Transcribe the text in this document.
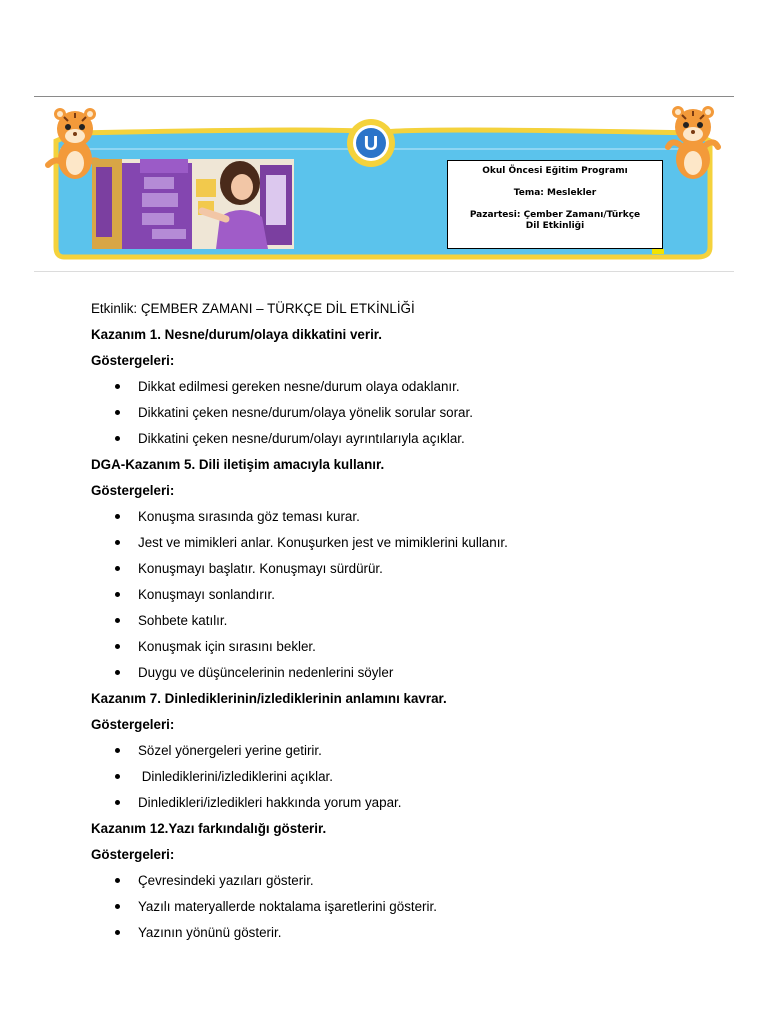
U
Okul Öncesi Eğitim Programı
Tema: Meslekler
Pazartesi: Çember Zamanı/Türkçe Dil Etkinliği

Etkinlik: ÇEMBER ZAMANI – TÜRKÇE DİL ETKİNLİĞİ

Kazanım 1. Nesne/durum/olaya dikkatini verir.

Göstergeleri:

Dikkat edilmesi gereken nesne/durum olaya odaklanır.
Dikkatini çeken nesne/durum/olaya yönelik sorular sorar.
Dikkatini çeken nesne/durum/olayı ayrıntılarıyla açıklar.

DGA-Kazanım 5. Dili iletişim amacıyla kullanır.

Göstergeleri:

Konuşma sırasında göz teması kurar.
Jest ve mimikleri anlar. Konuşurken jest ve mimiklerini kullanır.
Konuşmayı başlatır. Konuşmayı sürdürür.
Konuşmayı sonlandırır.
Sohbete katılır.
Konuşmak için sırasını bekler.
Duygu ve düşüncelerinin nedenlerini söyler

Kazanım 7. Dinlediklerinin/izlediklerinin anlamını kavrar.

Göstergeleri:

Sözel yönergeleri yerine getirir.
Dinlediklerini/izlediklerini açıklar.
Dinledikleri/izledikleri hakkında yorum yapar.

Kazanım 12.Yazı farkındalığı gösterir.

Göstergeleri:

Çevresindeki yazıları gösterir.
Yazılı materyallerde noktalama işaretlerini gösterir.
Yazının yönünü gösterir.
